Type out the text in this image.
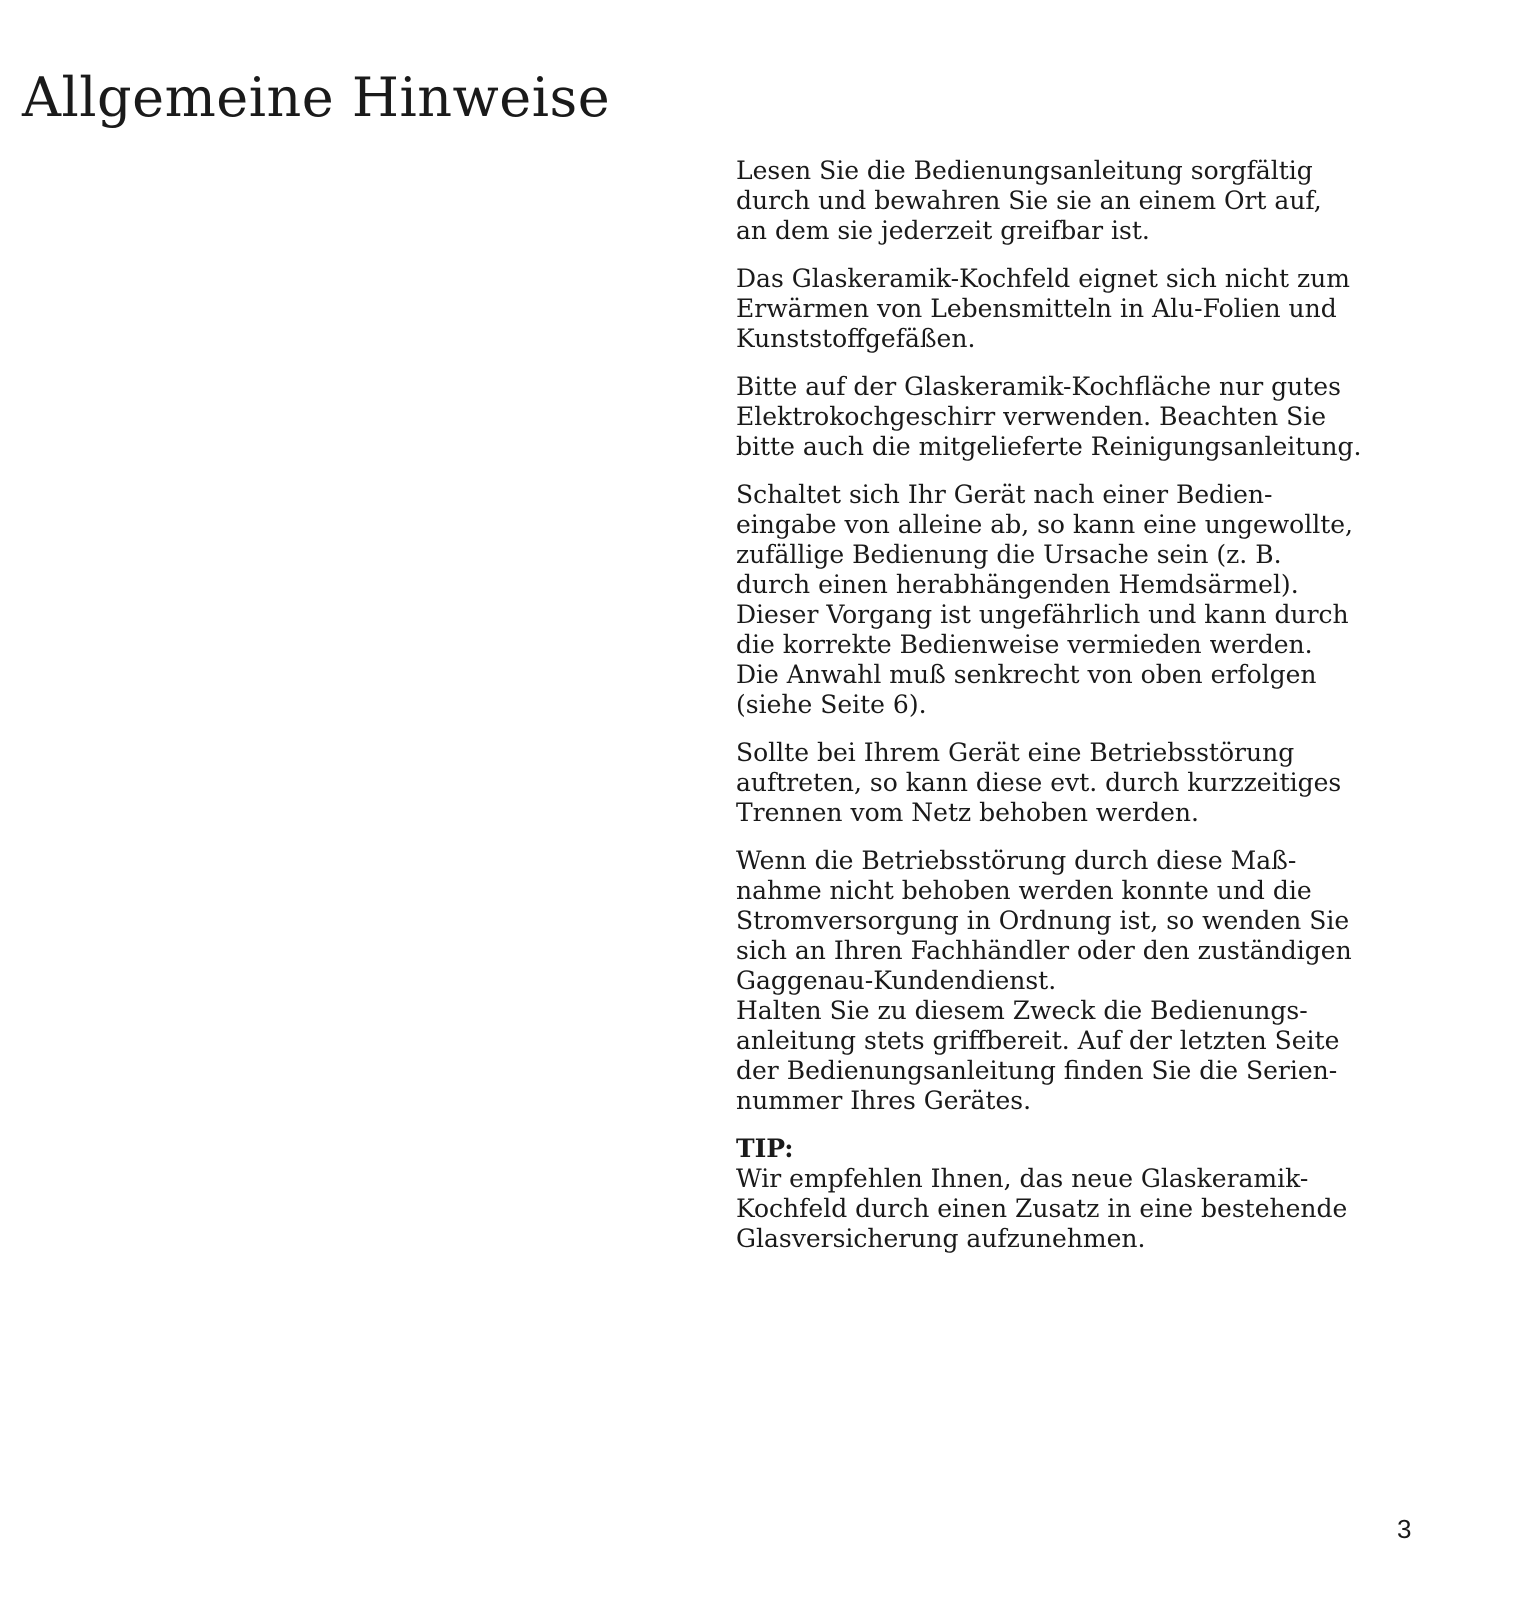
Allgemeine Hinweise

Lesen Sie die Bedienungsanleitung sorgfältig
durch und bewahren Sie sie an einem Ort auf,
an dem sie jederzeit greifbar ist.

Das Glaskeramik-Kochfeld eignet sich nicht zum
Erwärmen von Lebensmitteln in Alu-Folien und
Kunststoffgefäßen.

Bitte auf der Glaskeramik-Kochfläche nur gutes
Elektrokochgeschirr verwenden. Beachten Sie
bitte auch die mitgelieferte Reinigungsanleitung.

Schaltet sich Ihr Gerät nach einer Bedien-
eingabe von alleine ab, so kann eine ungewollte,
zufällige Bedienung die Ursache sein (z. B.
durch einen herabhängenden Hemdsärmel).
Dieser Vorgang ist ungefährlich und kann durch
die korrekte Bedienweise vermieden werden.
Die Anwahl muß senkrecht von oben erfolgen
(siehe Seite 6).

Sollte bei Ihrem Gerät eine Betriebsstörung
auftreten, so kann diese evt. durch kurzzeitiges
Trennen vom Netz behoben werden.

Wenn die Betriebsstörung durch diese Maß-
nahme nicht behoben werden konnte und die
Stromversorgung in Ordnung ist, so wenden Sie
sich an Ihren Fachhändler oder den zuständigen
Gaggenau-Kundendienst.
Halten Sie zu diesem Zweck die Bedienungs-
anleitung stets griffbereit. Auf der letzten Seite
der Bedienungsanleitung finden Sie die Serien-
nummer Ihres Gerätes.

TIP:

Wir empfehlen Ihnen, das neue Glaskeramik-
Kochfeld durch einen Zusatz in eine bestehende
Glasversicherung aufzunehmen.

3
